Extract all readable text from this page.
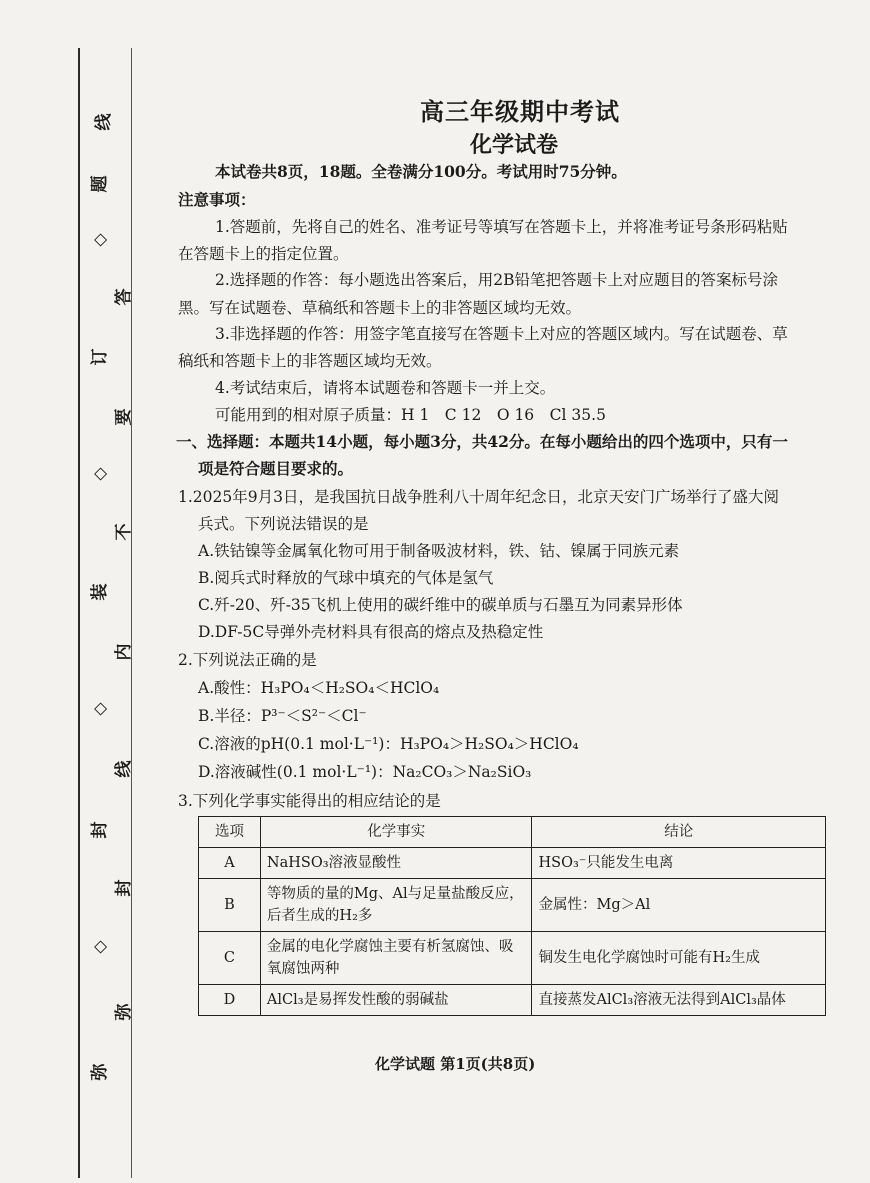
线
题
◇
答
订
要
◇
不
装
内
◇
线
封
封
◇
弥
弥
高三年级期中考试
化学试卷
本试卷共8页，18题。全卷满分100分。考试用时75分钟。
注意事项：
1.答题前，先将自己的姓名、准考证号等填写在答题卡上，并将准考证号条形码粘贴
在答题卡上的指定位置。
2.选择题的作答：每小题选出答案后，用2B铅笔把答题卡上对应题目的答案标号涂
黑。写在试题卷、草稿纸和答题卡上的非答题区域均无效。
3.非选择题的作答：用签字笔直接写在答题卡上对应的答题区域内。写在试题卷、草
稿纸和答题卡上的非答题区域均无效。
4.考试结束后，请将本试题卷和答题卡一并上交。
可能用到的相对原子质量：H 1　C 12　O 16　Cl 35.5
一、选择题：本题共14小题，每小题3分，共42分。在每小题给出的四个选项中，只有一
项是符合题目要求的。
1.2025年9月3日，是我国抗日战争胜利八十周年纪念日，北京天安门广场举行了盛大阅
兵式。下列说法错误的是
A.铁钴镍等金属氧化物可用于制备吸波材料，铁、钴、镍属于同族元素
B.阅兵式时释放的气球中填充的气体是氢气
C.歼-20、歼-35飞机上使用的碳纤维中的碳单质与石墨互为同素异形体
D.DF-5C导弹外壳材料具有很高的熔点及热稳定性
2.下列说法正确的是
A.酸性：H₃PO₄＜H₂SO₄＜HClO₄
B.半径：P³⁻＜S²⁻＜Cl⁻
C.溶液的pH(0.1 mol·L⁻¹)：H₃PO₄＞H₂SO₄＞HClO₄
D.溶液碱性(0.1 mol·L⁻¹)：Na₂CO₃＞Na₂SiO₃
3.下列化学事实能得出的相应结论的是
选项	化学事实	结论
A	NaHSO₃溶液显酸性	HSO₃⁻只能发生电离
B	等物质的量的Mg、Al与足量盐酸反应，后者生成的H₂多	金属性：Mg＞Al
C	金属的电化学腐蚀主要有析氢腐蚀、吸氧腐蚀两种	铜发生电化学腐蚀时可能有H₂生成
D	AlCl₃是易挥发性酸的弱碱盐	直接蒸发AlCl₃溶液无法得到AlCl₃晶体
化学试题 第1页(共8页)
